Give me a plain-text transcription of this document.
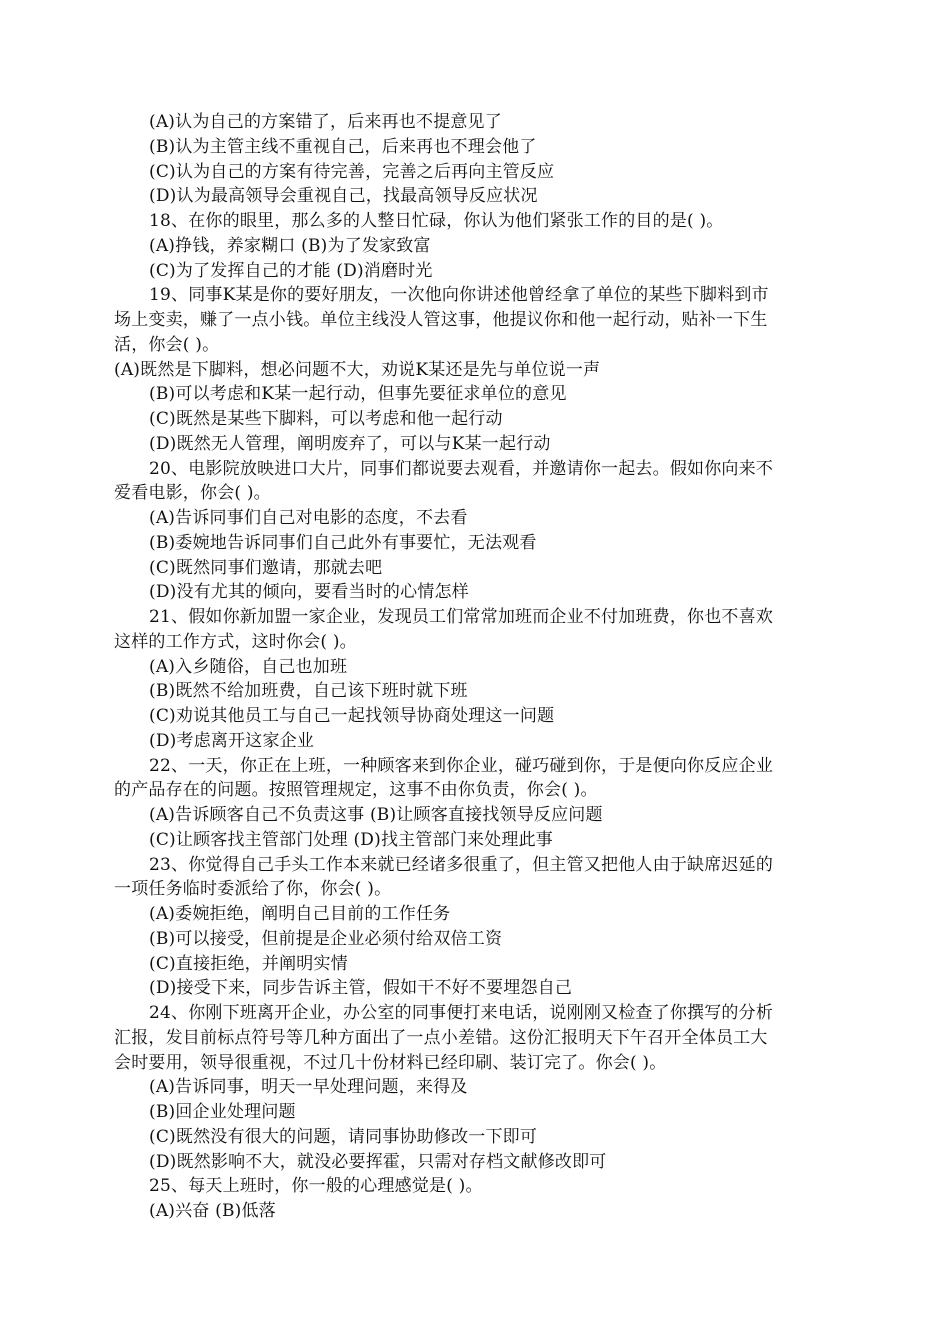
(A)认为自己的方案错了，后来再也不提意见了
(B)认为主管主线不重视自己，后来再也不理会他了
(C)认为自己的方案有待完善，完善之后再向主管反应
(D)认为最高领导会重视自己，找最高领导反应状况
18、在你的眼里，那么多的人整日忙碌，你认为他们紧张工作的目的是( )。
(A)挣钱，养家糊口 (B)为了发家致富
(C)为了发挥自己的才能 (D)消磨时光
19、同事K某是你的要好朋友，一次他向你讲述他曾经拿了单位的某些下脚料到市
场上变卖，赚了一点小钱。单位主线没人管这事，他提议你和他一起行动，贴补一下生
活，你会( )。
(A)既然是下脚料，想必问题不大，劝说K某还是先与单位说一声
(B)可以考虑和K某一起行动，但事先要征求单位的意见
(C)既然是某些下脚料，可以考虑和他一起行动
(D)既然无人管理，阐明废弃了，可以与K某一起行动
20、电影院放映进口大片，同事们都说要去观看，并邀请你一起去。假如你向来不
爱看电影，你会( )。
(A)告诉同事们自己对电影的态度，不去看
(B)委婉地告诉同事们自己此外有事要忙，无法观看
(C)既然同事们邀请，那就去吧
(D)没有尤其的倾向，要看当时的心情怎样
21、假如你新加盟一家企业，发现员工们常常加班而企业不付加班费，你也不喜欢
这样的工作方式，这时你会( )。
(A)入乡随俗，自己也加班
(B)既然不给加班费，自己该下班时就下班
(C)劝说其他员工与自己一起找领导协商处理这一问题
(D)考虑离开这家企业
22、一天，你正在上班，一种顾客来到你企业，碰巧碰到你，于是便向你反应企业
的产品存在的问题。按照管理规定，这事不由你负责，你会( )。
(A)告诉顾客自己不负责这事 (B)让顾客直接找领导反应问题
(C)让顾客找主管部门处理 (D)找主管部门来处理此事
23、你觉得自己手头工作本来就已经诸多很重了，但主管又把他人由于缺席迟延的
一项任务临时委派给了你，你会( )。
(A)委婉拒绝，阐明自己目前的工作任务
(B)可以接受，但前提是企业必须付给双倍工资
(C)直接拒绝，并阐明实情
(D)接受下来，同步告诉主管，假如干不好不要埋怨自己
24、你刚下班离开企业，办公室的同事便打来电话，说刚刚又检查了你撰写的分析
汇报，发目前标点符号等几种方面出了一点小差错。这份汇报明天下午召开全体员工大
会时要用，领导很重视，不过几十份材料已经印刷、装订完了。你会( )。
(A)告诉同事，明天一早处理问题，来得及
(B)回企业处理问题
(C)既然没有很大的问题，请同事协助修改一下即可
(D)既然影响不大，就没必要挥霍，只需对存档文献修改即可
25、每天上班时，你一般的心理感觉是( )。
(A)兴奋 (B)低落
